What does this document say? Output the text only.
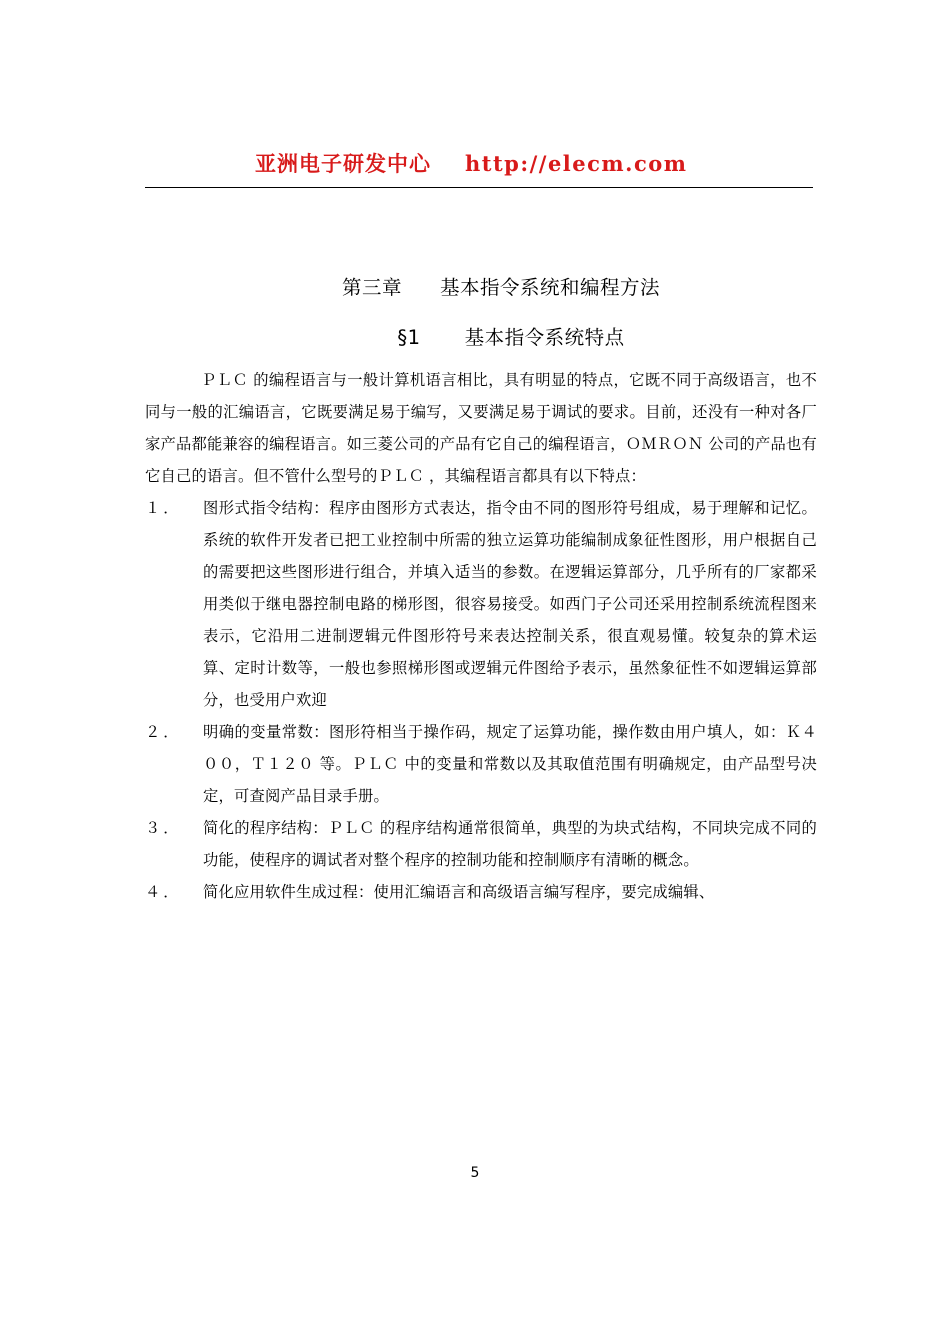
亚洲电子研发中心 http://elecm.com
第三章 基本指令系统和编程方法
§1 基本指令系统特点

ＰＬＣ 的编程语言与一般计算机语言相比，具有明显的特点，它既不同于高级语言，也不同与一般的汇编语言，它既要满足易于编写，又要满足易于调试的要求。目前，还没有一种对各厂家产品都能兼容的编程语言。如三菱公司的产品有它自己的编程语言，ＯＭＲＯＮ 公司的产品也有它自己的语言。但不管什么型号的ＰＬＣ ，其编程语言都具有以下特点：

１．	图形式指令结构：程序由图形方式表达，指令由不同的图形符号组成，易于理解和记忆。系统的软件开发者已把工业控制中所需的独立运算功能编制成象征性图形，用户根据自己的需要把这些图形进行组合，并填入适当的参数。在逻辑运算部分，几乎所有的厂家都采用类似于继电器控制电路的梯形图，很容易接受。如西门子公司还采用控制系统流程图来表示，它沿用二进制逻辑元件图形符号来表达控制关系，很直观易懂。较复杂的算术运算、定时计数等，一般也参照梯形图或逻辑元件图给予表示，虽然象征性不如逻辑运算部分，也受用户欢迎
２．	明确的变量常数：图形符相当于操作码，规定了运算功能，操作数由用户填人，如：Ｋ４００，Ｔ１２０ 等。ＰＬＣ 中的变量和常数以及其取值范围有明确规定，由产品型号决定，可查阅产品目录手册。
３．	简化的程序结构：ＰＬＣ 的程序结构通常很简单，典型的为块式结构，不同块完成不同的功能，使程序的调试者对整个程序的控制功能和控制顺序有清晰的概念。
４．	简化应用软件生成过程：使用汇编语言和高级语言编写程序，要完成编辑、
5
